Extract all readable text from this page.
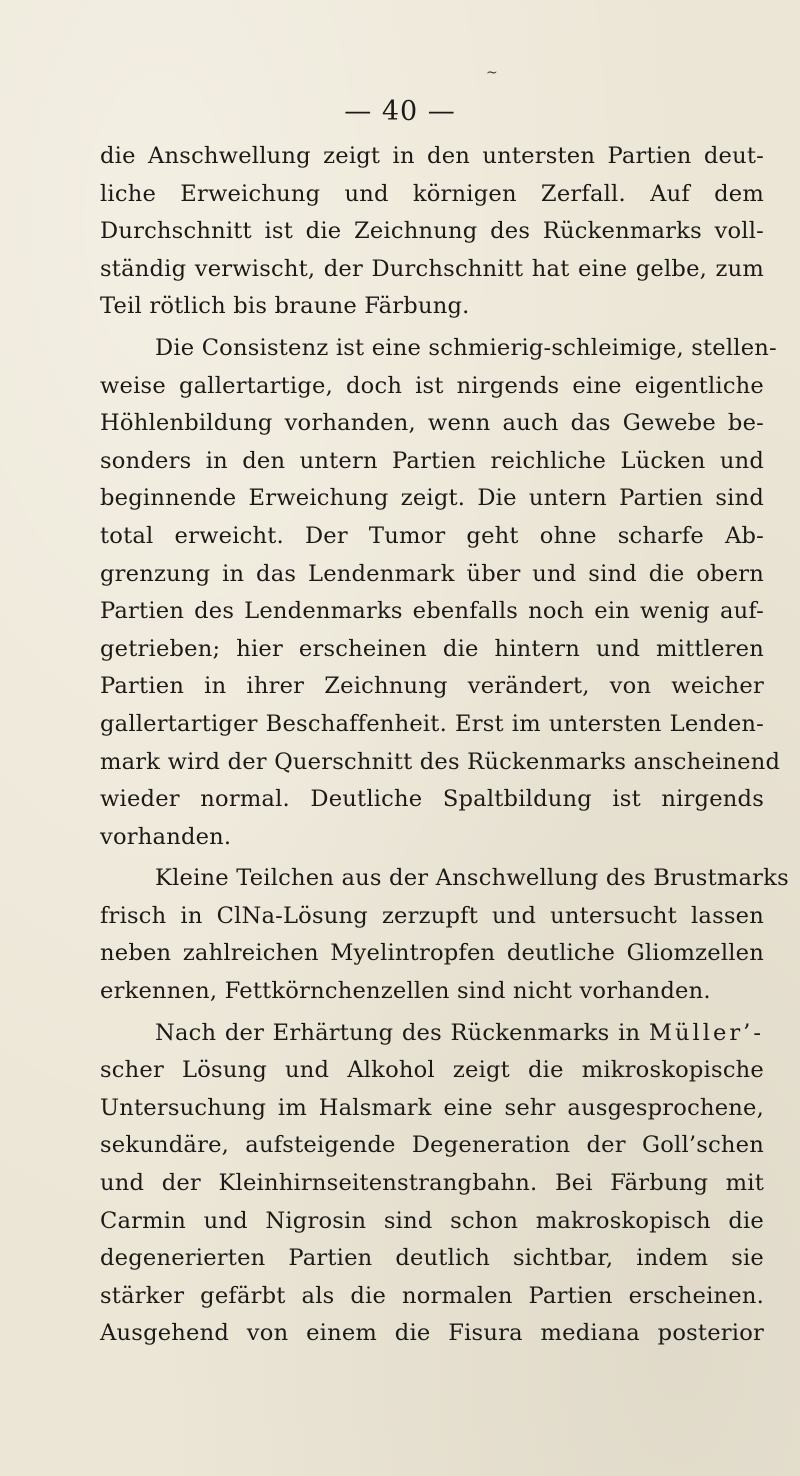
~
— 40 —

die Anschwellung zeigt in den untersten Partien deut-
liche Erweichung und körnigen Zerfall. Auf dem
Durchschnitt ist die Zeichnung des Rückenmarks voll-
ständig verwischt, der Durchschnitt hat eine gelbe, zum
Teil rötlich bis braune Färbung.

Die Consistenz ist eine schmierig-schleimige, stellen-
weise gallertartige, doch ist nirgends eine eigentliche
Höhlenbildung vorhanden, wenn auch das Gewebe be-
sonders in den untern Partien reichliche Lücken und
beginnende Erweichung zeigt. Die untern Partien sind
total erweicht. Der Tumor geht ohne scharfe Ab-
grenzung in das Lendenmark über und sind die obern
Partien des Lendenmarks ebenfalls noch ein wenig auf-
getrieben; hier erscheinen die hintern und mittleren
Partien in ihrer Zeichnung verändert, von weicher
gallertartiger Beschaffenheit. Erst im untersten Lenden-
mark wird der Querschnitt des Rückenmarks anscheinend
wieder normal. Deutliche Spaltbildung ist nirgends
vorhanden.

Kleine Teilchen aus der Anschwellung des Brustmarks
frisch in ClNa-Lösung zerzupft und untersucht lassen
neben zahlreichen Myelintropfen deutliche Gliomzellen
erkennen, Fettkörnchenzellen sind nicht vorhanden.

Nach der Erhärtung des Rückenmarks in Müller’-
scher Lösung und Alkohol zeigt die mikroskopische
Untersuchung im Halsmark eine sehr ausgesprochene,
sekundäre, aufsteigende Degeneration der Goll’schen
und der Kleinhirnseitenstrangbahn. Bei Färbung mit
Carmin und Nigrosin sind schon makroskopisch die
degenerierten Partien deutlich sichtbar, indem sie
stärker gefärbt als die normalen Partien erscheinen.
Ausgehend von einem die Fisura mediana posterior
